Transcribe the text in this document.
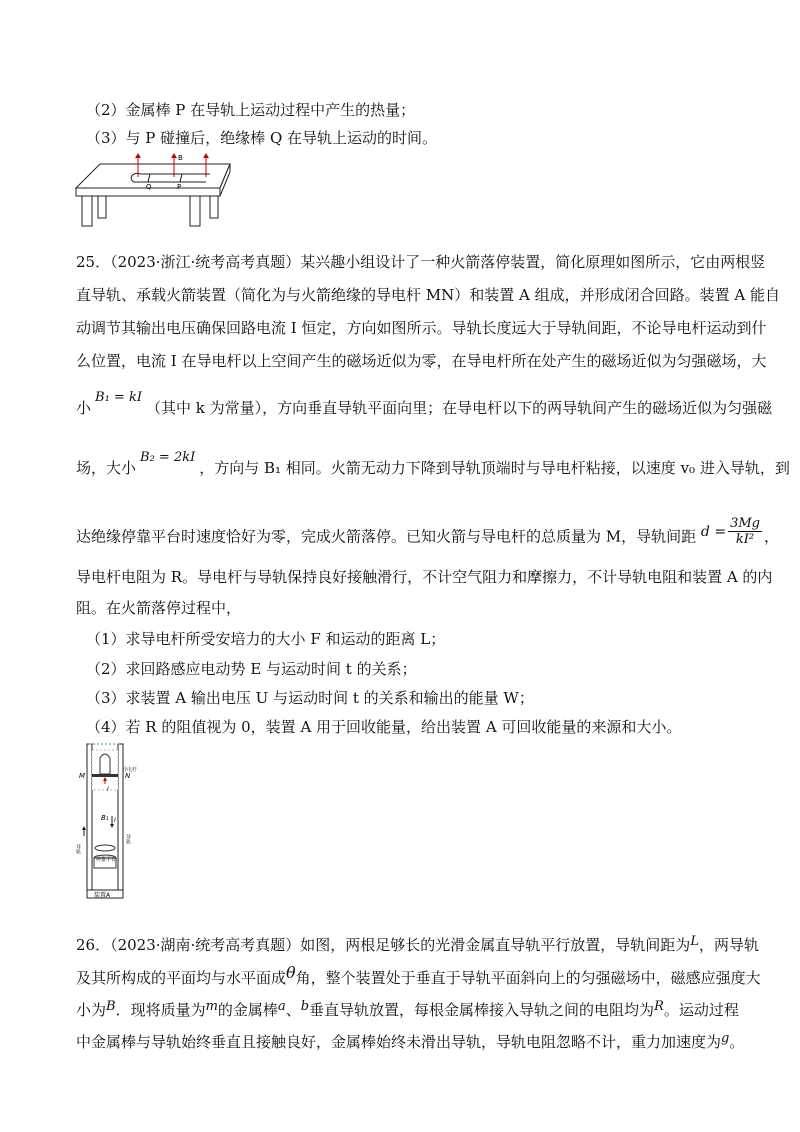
（2）金属棒 P 在导轨上运动过程中产生的热量；
（3）与 P 碰撞后，绝缘棒 Q 在导轨上运动的时间。
B
Q	P
25．（2023·浙江·统考高考真题）某兴趣小组设计了一种火箭落停装置，简化原理如图所示，它由两根竖
直导轨、承载火箭装置（简化为与火箭绝缘的导电杆 MN）和装置 A 组成，并形成闭合回路。装置 A 能自
动调节其输出电压确保回路电流 I 恒定，方向如图所示。导轨长度远大于导轨间距，不论导电杆运动到什
么位置，电流 I 在导电杆以上空间产生的磁场近似为零，在导电杆所在处产生的磁场近似为匀强磁场，大
小B₁ = kI（其中 k 为常量），方向垂直导轨平面向里；在导电杆以下的两导轨间产生的磁场近似为匀强磁
场，大小B₂ = 2kI，方向与 B₁ 相同。火箭无动力下降到导轨顶端时与导电杆粘接，以速度 v₀ 进入导轨，到
达绝缘停靠平台时速度恰好为零，完成火箭落停。已知火箭与导电杆的总质量为 M，导轨间距 $d = \frac{3Mg}{\text{kI²}}$ ，
导电杆电阻为 R。导电杆与导轨保持良好接触滑行，不计空气阻力和摩擦力，不计导轨电阻和装置 A 的内
阻。在火箭落停过程中，
（1）求导电杆所受安培力的大小 F 和运动的距离 L；
（2）求回路感应电动势 E 与运动时间 t 的关系；
（3）求装置 A 输出电压 U 与运动时间 t 的关系和输出的能量 W；
（4）若 R 的阻值视为 0，装置 A 用于回收能量，给出装置 A 可回收能量的来源和大小。
导电杆
M	N
I
B₁ I
导轨
导轨
停靠平台
装置A
26．（2023·湖南·统考高考真题）如图，两根足够长的光滑金属直导轨平行放置，导轨间距为L，两导轨
及其所构成的平面均与水平面成θ角，整个装置处于垂直于导轨平面斜向上的匀强磁场中，磁感应强度大
小为B．现将质量为m的金属棒a、b垂直导轨放置，每根金属棒接入导轨之间的电阻均为R。运动过程
中金属棒与导轨始终垂直且接触良好，金属棒始终未滑出导轨，导轨电阻忽略不计，重力加速度为g。
